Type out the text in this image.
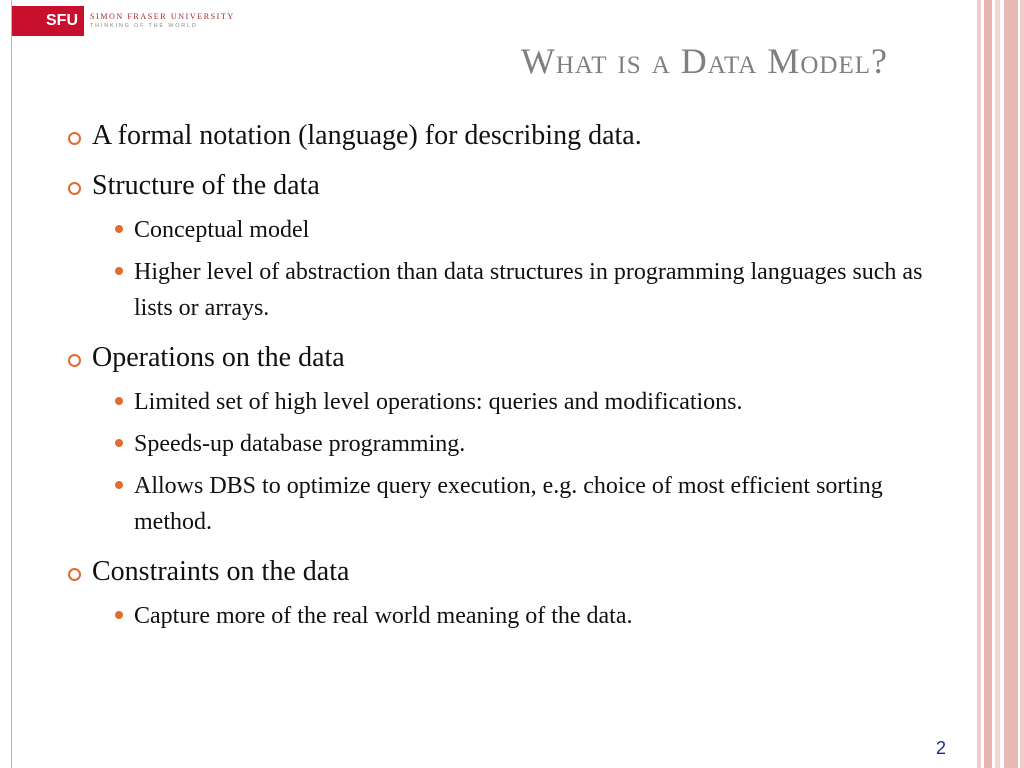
SFU	SIMON FRASER UNIVERSITY
THINKING OF THE WORLD
What is a Data Model?
A formal notation (language) for describing data.
Structure of the data
Conceptual model
Higher level of abstraction than data structures in programming languages such as lists or arrays.
Operations on the data
Limited set of high level operations: queries and modifications.
Speeds-up database programming.
Allows DBS to optimize query execution, e.g. choice of most efficient sorting method.
Constraints on the data
Capture more of the real world meaning of the data.
2
